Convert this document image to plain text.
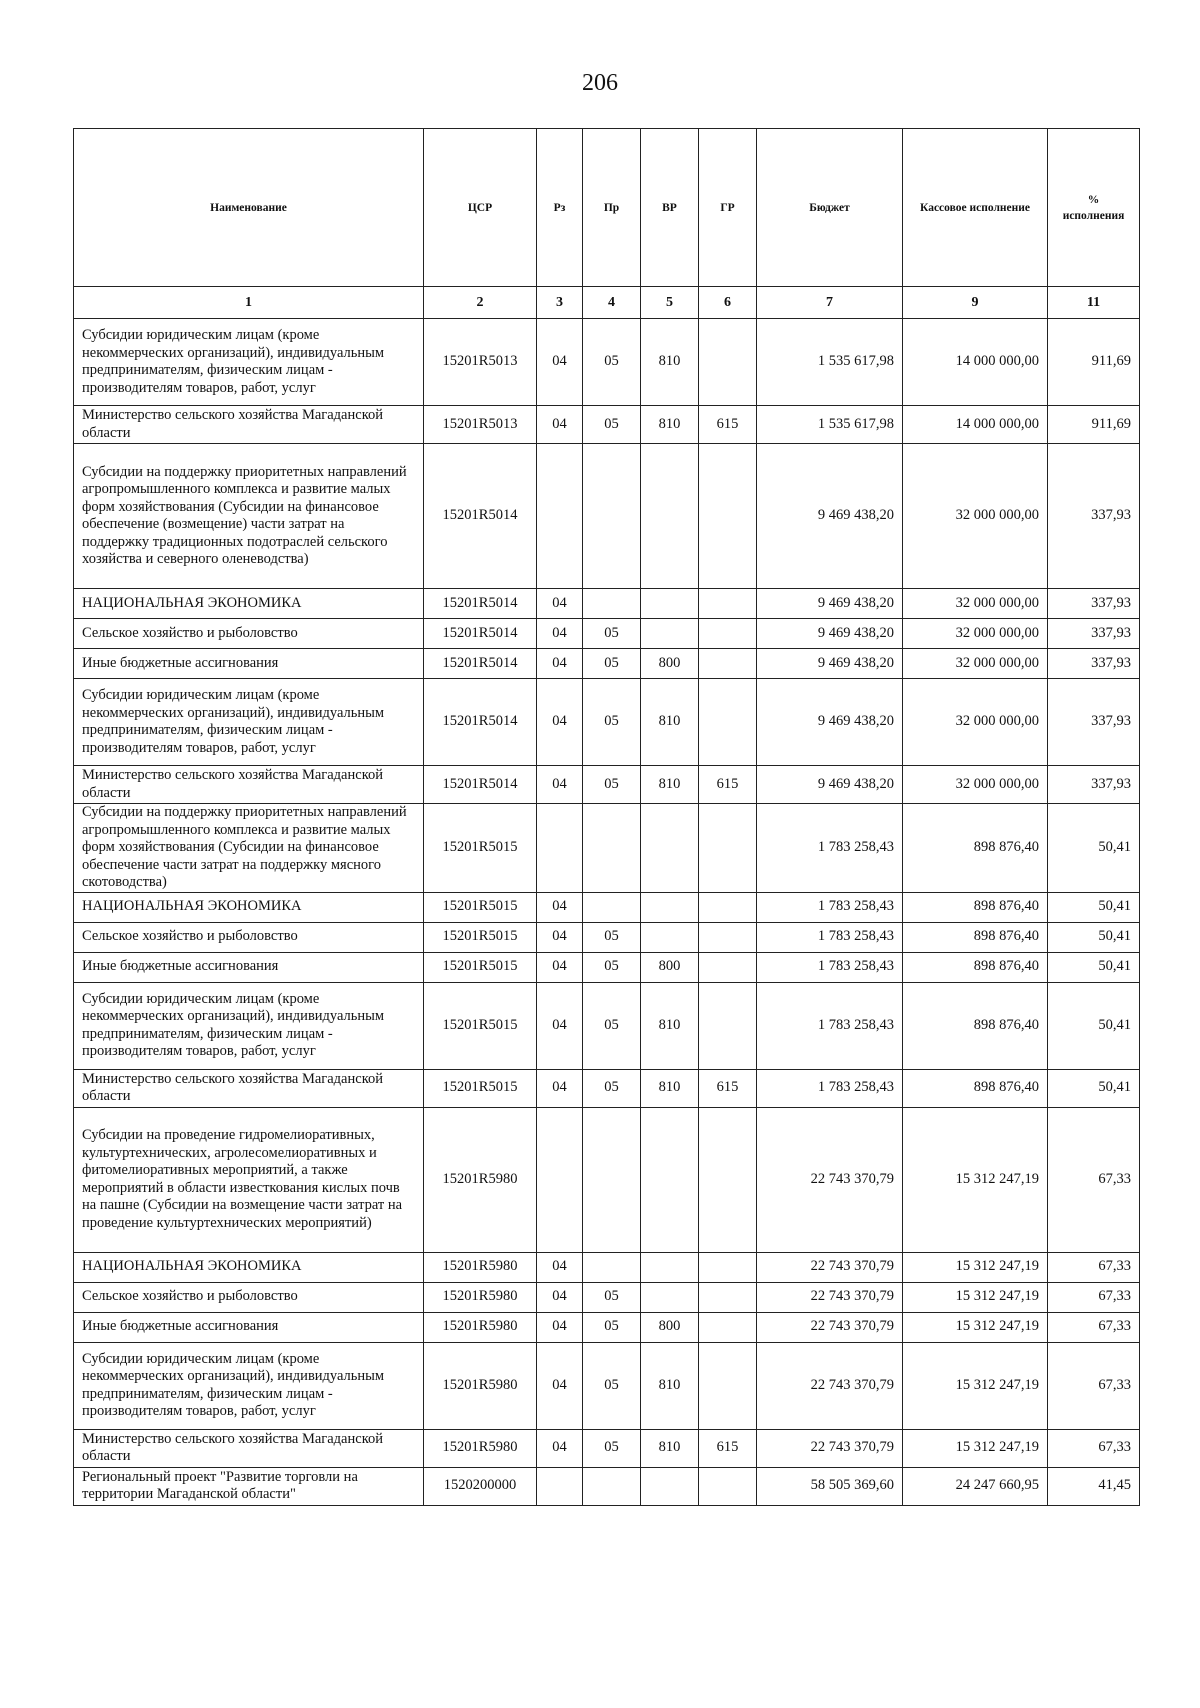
206
Наименование	ЦСР	Рз	Пр	ВР	ГР	Бюджет	Кассовое исполнение	% исполнения
1	2	3	4	5	6	7	9	11
Субсидии юридическим лицам (кроме некоммерческих организаций), индивидуальным предпринимателям, физическим лицам - производителям товаров, работ, услуг	15201R5013	04	05	810		1 535 617,98	14 000 000,00	911,69
Министерство сельского хозяйства Магаданской области	15201R5013	04	05	810	615	1 535 617,98	14 000 000,00	911,69
Субсидии на поддержку приоритетных направлений агропромышленного комплекса и развитие малых форм хозяйствования (Субсидии на финансовое обеспечение (возмещение) части затрат на поддержку традиционных подотраслей сельского хозяйства и северного оленеводства)	15201R5014					9 469 438,20	32 000 000,00	337,93
НАЦИОНАЛЬНАЯ ЭКОНОМИКА	15201R5014	04				9 469 438,20	32 000 000,00	337,93
Сельское хозяйство и рыболовство	15201R5014	04	05			9 469 438,20	32 000 000,00	337,93
Иные бюджетные ассигнования	15201R5014	04	05	800		9 469 438,20	32 000 000,00	337,93
Субсидии юридическим лицам (кроме некоммерческих организаций), индивидуальным предпринимателям, физическим лицам - производителям товаров, работ, услуг	15201R5014	04	05	810		9 469 438,20	32 000 000,00	337,93
Министерство сельского хозяйства Магаданской области	15201R5014	04	05	810	615	9 469 438,20	32 000 000,00	337,93
Субсидии на поддержку приоритетных направлений агропромышленного комплекса и развитие малых форм хозяйствования (Субсидии на финансовое обеспечение части затрат на поддержку мясного скотоводства)	15201R5015					1 783 258,43	898 876,40	50,41
НАЦИОНАЛЬНАЯ ЭКОНОМИКА	15201R5015	04				1 783 258,43	898 876,40	50,41
Сельское хозяйство и рыболовство	15201R5015	04	05			1 783 258,43	898 876,40	50,41
Иные бюджетные ассигнования	15201R5015	04	05	800		1 783 258,43	898 876,40	50,41
Субсидии юридическим лицам (кроме некоммерческих организаций), индивидуальным предпринимателям, физическим лицам - производителям товаров, работ, услуг	15201R5015	04	05	810		1 783 258,43	898 876,40	50,41
Министерство сельского хозяйства Магаданской области	15201R5015	04	05	810	615	1 783 258,43	898 876,40	50,41
Субсидии на проведение гидромелиоративных, культуртехнических, агролесомелиоративных и фитомелиоративных мероприятий, а также мероприятий в области известкования кислых почв на пашне (Субсидии на возмещение части затрат на проведение культуртехнических мероприятий)	15201R5980					22 743 370,79	15 312 247,19	67,33
НАЦИОНАЛЬНАЯ ЭКОНОМИКА	15201R5980	04				22 743 370,79	15 312 247,19	67,33
Сельское хозяйство и рыболовство	15201R5980	04	05			22 743 370,79	15 312 247,19	67,33
Иные бюджетные ассигнования	15201R5980	04	05	800		22 743 370,79	15 312 247,19	67,33
Субсидии юридическим лицам (кроме некоммерческих организаций), индивидуальным предпринимателям, физическим лицам - производителям товаров, работ, услуг	15201R5980	04	05	810		22 743 370,79	15 312 247,19	67,33
Министерство сельского хозяйства Магаданской области	15201R5980	04	05	810	615	22 743 370,79	15 312 247,19	67,33
Региональный проект "Развитие торговли на территории Магаданской области"	1520200000					58 505 369,60	24 247 660,95	41,45
